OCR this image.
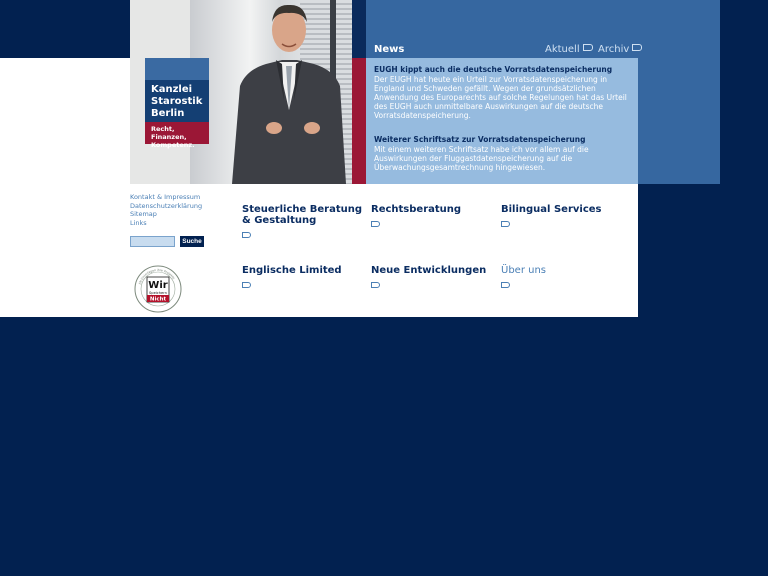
Kanzlei
Starostik
Berlin
Recht, Finanzen,
Kompetenz.
News	Aktuell	Archiv
EUGH kippt auch die deutsche Vorratsdatenspeicherung
Der EUGH hat heute ein Urteil zur Vorratsdatenspeicherung in England und Schweden gefällt. Wegen der grundsätzlichen Anwendung des Europarechts auf solche Regelungen hat das Urteil des EUGH auch unmittelbare Auswirkungen auf die deutsche Vorratsdatenspeicherung.
Weiterer Schriftsatz zur Vorratsdatenspeicherung
Mit einem weiteren Schriftsatz habe ich vor allem auf die Auswirkungen der Fluggastdatenspeicherung auf die Überwachungsgesamtrechnung hingewiesen.
Kontakt & Impressum
Datenschutzerklärung
Sitemap
Links
Suche
Wir
Speichern
Nicht
Ab Unterlagen ihre Projekte

Steuerliche Beratung
& Gestaltung

Rechtsberatung	Bilingual Services

Englische Limited	Neue Entwicklungen Über uns
